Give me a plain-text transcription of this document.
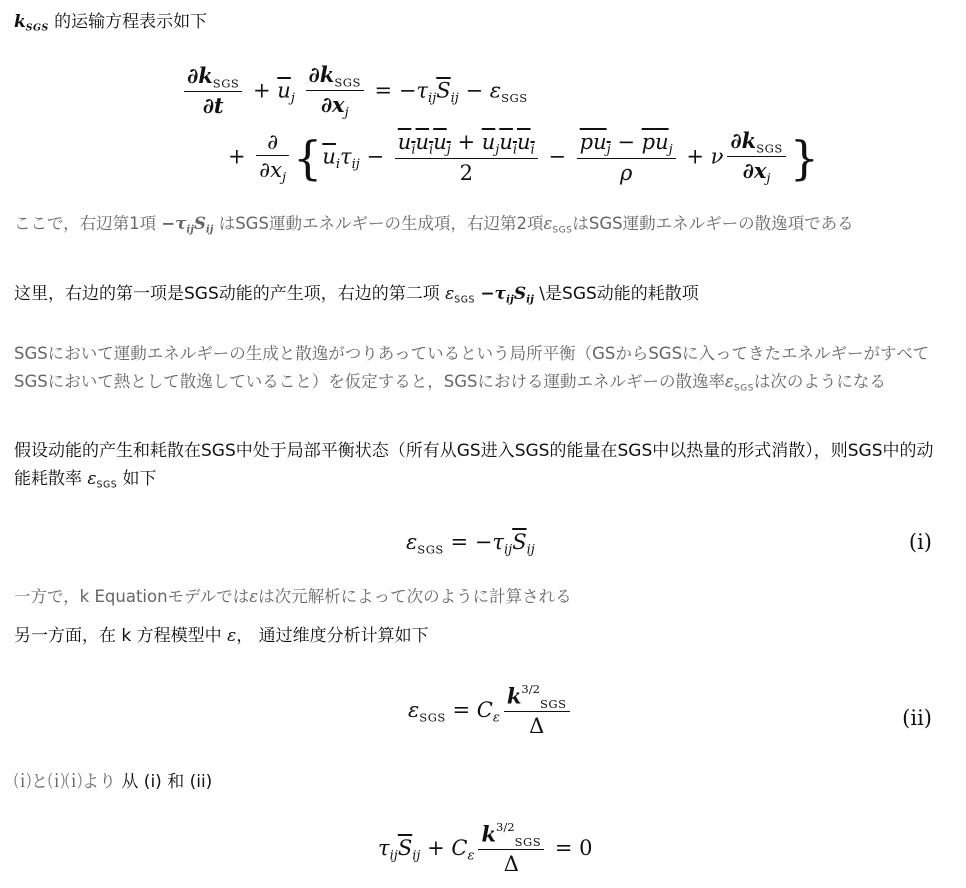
$k_{SGS}$ 的运输方程表示如下
$\frac{\partial k_{SGS}}{\partial t} + \overline{u}_j \frac{\partial k_{SGS}}{\partial x_j} = -\tau_{ij}\overline{S}_{ij} - \varepsilon_{SGS}$
+ $\frac{\partial}{\partial x_j} \{\overline{u}_i\tau_{ij} - \frac{u_iu_iu_j + \overline{u}_ju_iu_i}{2} - \frac{pu_j - \overline{p}\overline{u}_j}{\rho} + \nu \frac{\partial k_{SGS}}{\partial x_j}$ }
ここで，右辺第1項 $-\tau_{ij}S_{ij}$ はSGS運動エネルギーの生成項，右辺第2項$\varepsilon_{SGS}$はSGS運動エネルギーの散逸項である
这里，右边的第一项是SGS动能的产生项，右边的第二项 $\varepsilon_{SGS} -\tau_{ij}S_{ij}$ \是SGS动能的耗散项
SGSにおいて運動エネルギーの生成と散逸がつりあっているという局所平衡（GSからSGSに入ってきたエネルギーがすべてSGSにおいて熱として散逸していること）を仮定すると，SGSにおける運動エネルギーの散逸率$\varepsilon_{SGS}$は次のようになる
假设动能的产生和耗散在SGS中处于局部平衡状态（所有从GS进入SGS的能量在SGS中以热量的形式消散），则SGS中的动能耗散率 $\varepsilon_{SGS}$ 如下
$\varepsilon_{SGS} = -\tau_{ij}\overline{S}_{ij}$	(i)
一方で，k Equationモデルではεは次元解析によって次のように計算される
另一方面，在 k 方程模型中 ε， 通过维度分析计算如下
$\varepsilon_{SGS} = C_\varepsilon \frac{k^{3/2}_{SGS}}{\Delta}$	(ii)
⒤と⒤⒤より 从 (i) 和 (ii)
$\tau_{ij}\overline{S}_{ij} + C_\varepsilon \frac{k^{3/2}_{SGS}}{\Delta} = 0$
